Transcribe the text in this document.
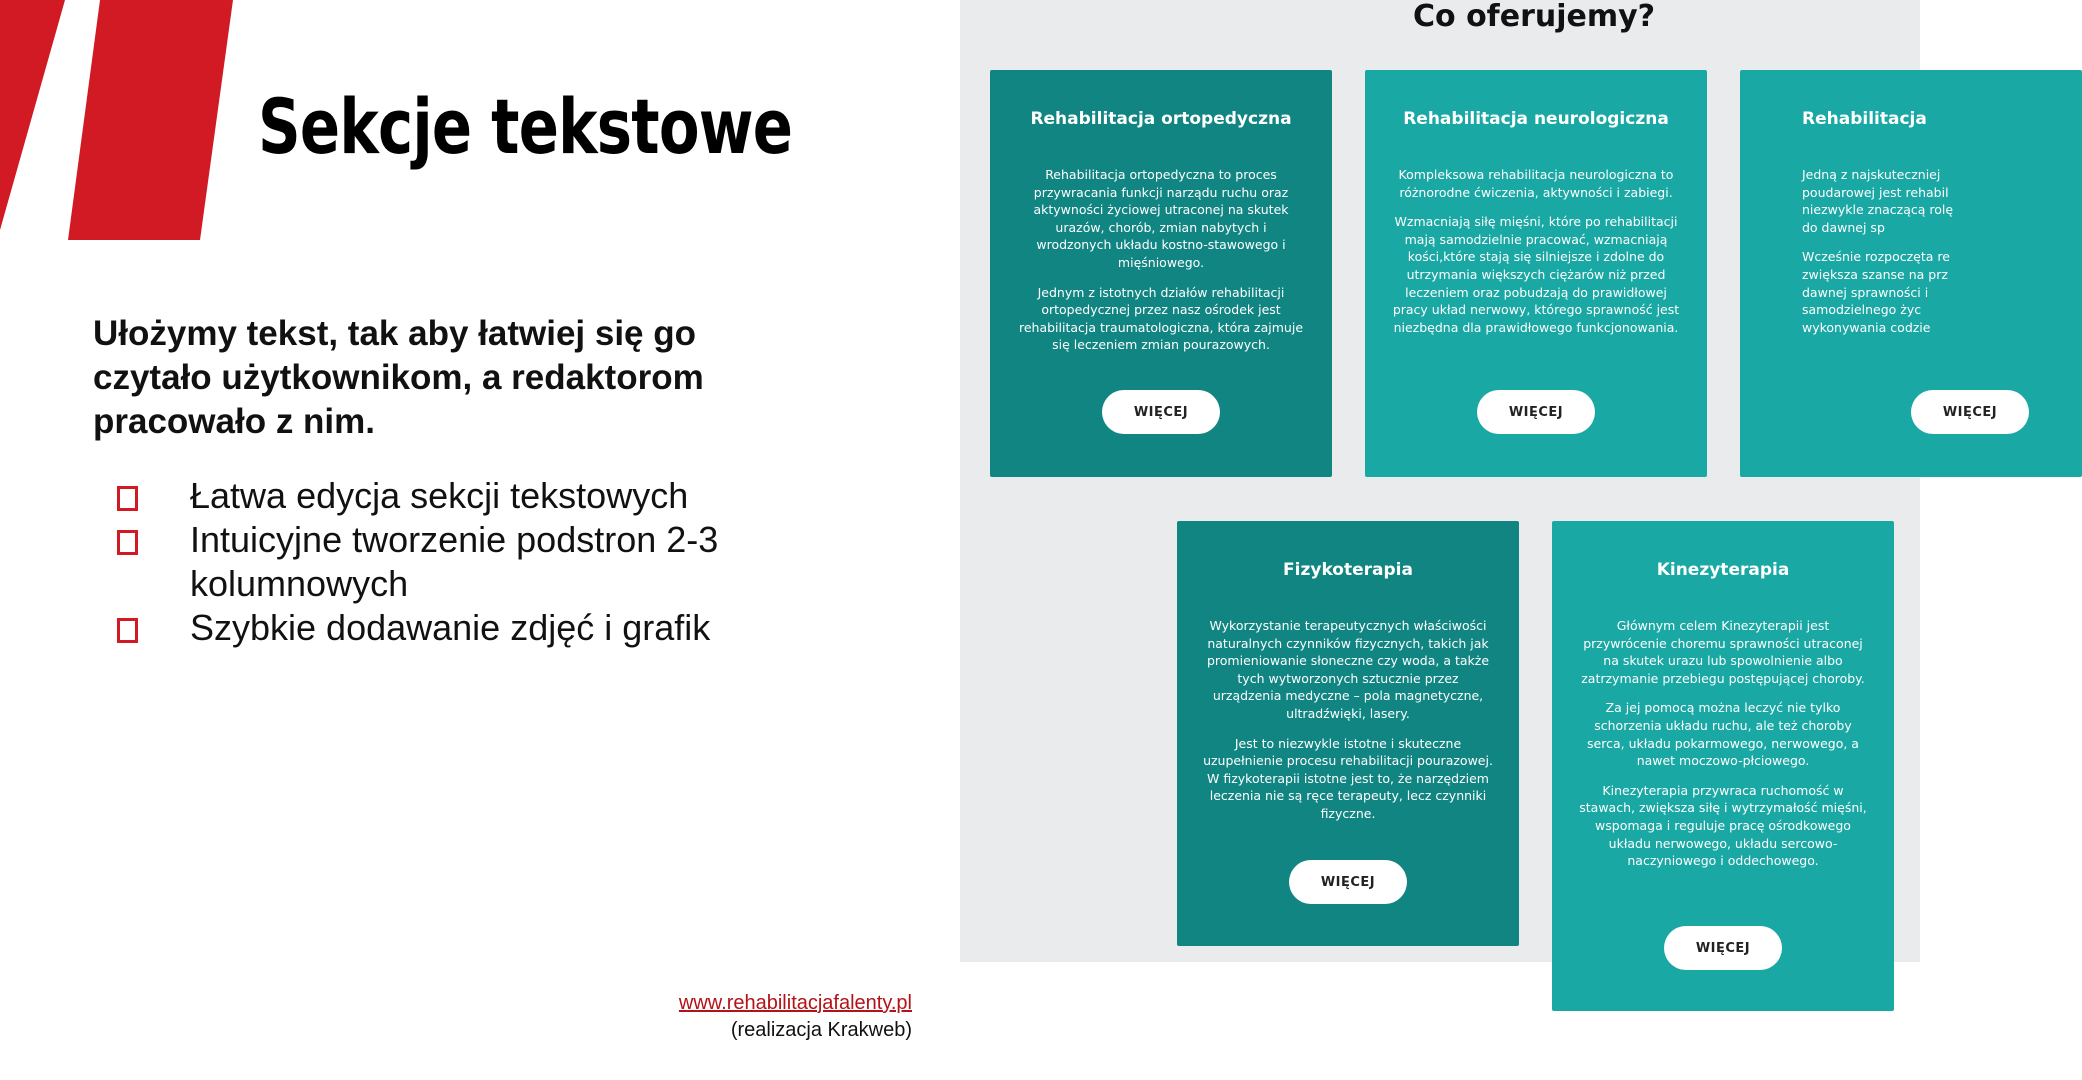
Sekcje tekstowe

Ułożymy tekst, tak aby łatwiej się go czytało użytkownikom, a redaktorom pracowało z nim.

Łatwa edycja sekcji tekstowych
Intuicyjne tworzenie podstron 2-3 kolumnowych
Szybkie dodawanie zdjęć i grafik
www.rehabilitacjafalenty.pl
(realizacja Krakweb)
Co oferujemy?
Rehabilitacja ortopedyczna

Rehabilitacja ortopedyczna to proces przywracania funkcji narządu ruchu oraz aktywności życiowej utraconej na skutek urazów, chorób, zmian nabytych i wrodzonych układu kostno-stawowego i mięśniowego.

Jednym z istotnych działów rehabilitacji ortopedycznej przez nasz ośrodek jest rehabilitacja traumatologiczna, która zajmuje się leczeniem zmian pourazowych.

WIĘCEJ
Rehabilitacja neurologiczna

Kompleksowa rehabilitacja neurologiczna to różnorodne ćwiczenia, aktywności i zabiegi.

Wzmacniają siłę mięśni, które po rehabilitacji mają samodzielnie pracować, wzmacniają kości,które stają się silniejsze i zdolne do utrzymania większych ciężarów niż przed leczeniem oraz pobudzają do prawidłowej pracy układ nerwowy, którego sprawność jest niezbędna dla prawidłowego funkcjonowania.

WIĘCEJ
Rehabilitacja

Jedną z najskuteczniej poudarowej jest rehabil niezwykle znaczącą rolę do dawnej sp

Wcześnie rozpoczęta re zwiększa szanse na prz dawnej sprawności i samodzielnego życ wykonywania codzie

WIĘCEJ
Fizykoterapia

Wykorzystanie terapeutycznych właściwości naturalnych czynników fizycznych, takich jak promieniowanie słoneczne czy woda, a także tych wytworzonych sztucznie przez urządzenia medyczne – pola magnetyczne, ultradźwięki, lasery.

Jest to niezwykle istotne i skuteczne uzupełnienie procesu rehabilitacji pourazowej. W fizykoterapii istotne jest to, że narzędziem leczenia nie są ręce terapeuty, lecz czynniki fizyczne.

WIĘCEJ
Kinezyterapia

Głównym celem Kinezyterapii jest przywrócenie choremu sprawności utraconej na skutek urazu lub spowolnienie albo zatrzymanie przebiegu postępującej choroby.

Za jej pomocą można leczyć nie tylko schorzenia układu ruchu, ale też choroby serca, układu pokarmowego, nerwowego, a nawet moczowo-płciowego.

Kinezyterapia przywraca ruchomość w stawach, zwiększa siłę i wytrzymałość mięśni, wspomaga i reguluje pracę ośrodkowego układu nerwowego, układu sercowo-naczyniowego i oddechowego.

WIĘCEJ
